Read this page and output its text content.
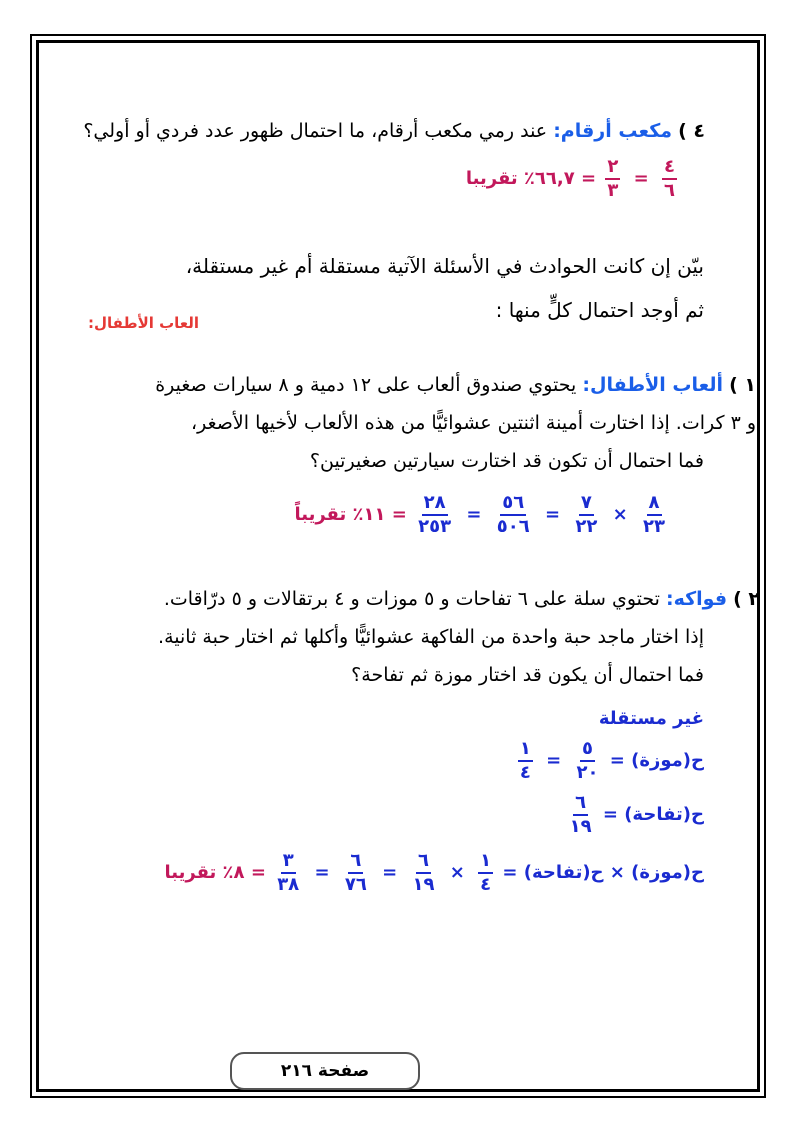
٤ ) مكعب أرقام: عند رمي مكعب أرقام، ما احتمال ظهور عدد فردي أو أولي؟
$\frac{٤}{٦}$
=
$\frac{٢}{٣}$
= ٦٦,٧٪ تقريبا
بيّن إن كانت الحوادث في الأسئلة الآتية مستقلة أم غير مستقلة،
ثم أوجد احتمال كلٍّ منها :
العاب الأطفال:
١ ) ألعاب الأطفال: يحتوي صندوق ألعاب على ١٢ دمية و ٨ سيارات صغيرة
و ٣ كرات. إذا اختارت أمينة اثنتين عشوائيًّا من هذه الألعاب لأخيها الأصغر،
فما احتمال أن تكون قد اختارت سيارتين صغيرتين؟
$\frac{٨}{٢٣}$
×
$\frac{٧}{٢٢}$
=
$\frac{٥٦}{٥٠٦}$
=
$\frac{٢٨}{٢٥٣}$
= ١١٪ تقريباً
٢ ) فواكه: تحتوي سلة على ٦ تفاحات و ٥ موزات و ٤ برتقالات و ٥ درّاقات.
إذا اختار ماجد حبة واحدة من الفاكهة عشوائيًّا وأكلها ثم اختار حبة ثانية.
فما احتمال أن يكون قد اختار موزة ثم تفاحة؟
غير مستقلة
ح(موزة) =
$\frac{٥}{٢٠}$
=
$\frac{١}{٤}$
ح(تفاحة) =
$\frac{٦}{١٩}$
ح(موزة) × ح(تفاحة) =
$\frac{١}{٤}$
×
$\frac{٦}{١٩}$
=
$\frac{٦}{٧٦}$
=
$\frac{٣}{٣٨}$
= ٨٪ تقريبا
صفحة ٢١٦
